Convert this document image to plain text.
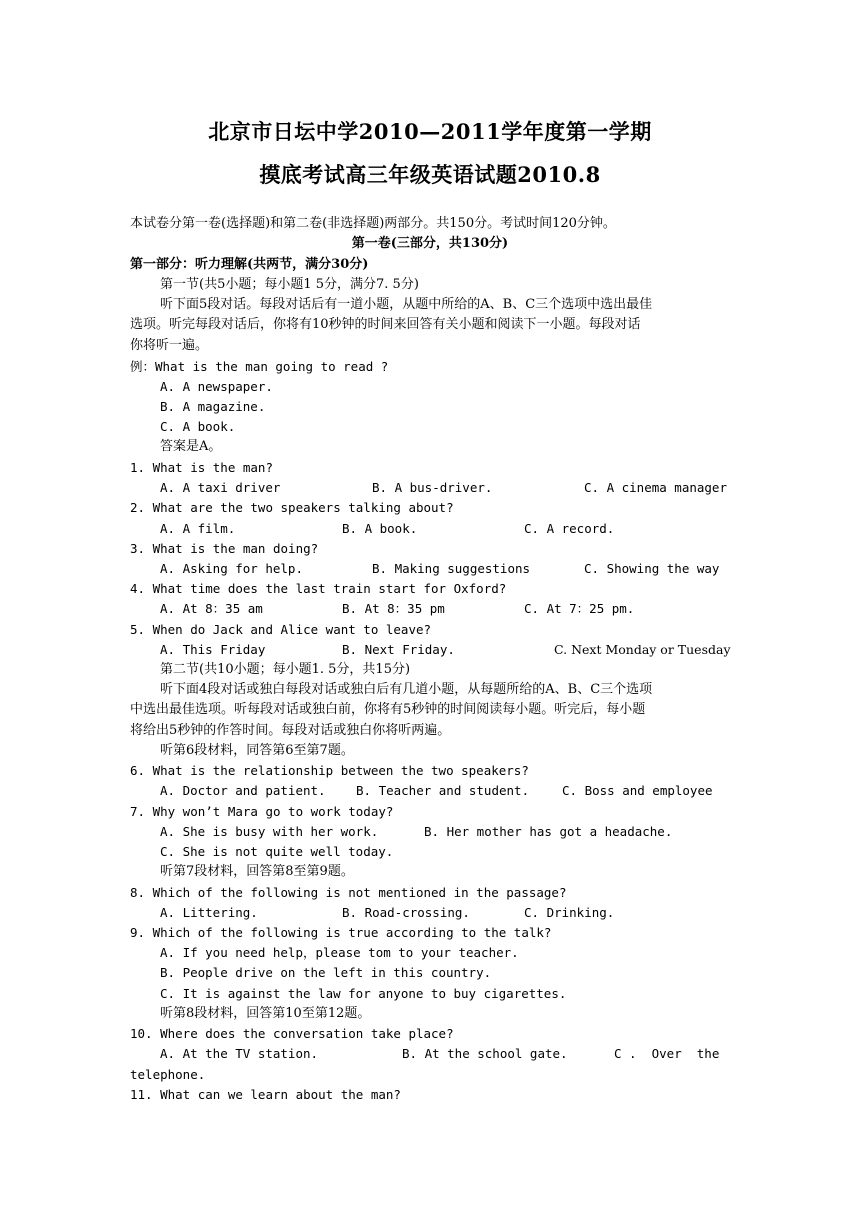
北京市日坛中学2010—2011学年度第一学期
摸底考试高三年级英语试题2010.8
本试卷分第一卷(选择题)和第二卷(非选择题)两部分。共150分。考试时间120分钟。
第一卷(三部分，共130分)
第一部分：听力理解(共两节，满分30分)
第一节(共5小题；每小题1 5分，满分7. 5分)
听下面5段对话。每段对话后有一道小题，从题中所给的A、B、C三个选项中选出最佳
选项。听完每段对话后，你将有10秒钟的时间来回答有关小题和阅读下一小题。每段对话
你将听一遍。
例：What is the man going to read ?
A. A newspaper.
B. A magazine.
C. A book.
答案是A。
1. What is the man?
A. A taxi driver	B. A bus-driver.	C. A cinema manager
2. What are the two speakers talking about?
A. A film.	B. A book.	C. A record.
3. What is the man doing?
A. Asking for help.	B. Making suggestions	C. Showing the way
4. What time does the last train start for Oxford?
A. At 8：35 am	B. At 8：35 pm	C. At 7：25 pm.
5. When do Jack and Alice want to leave?
A. This Friday	B. Next Friday.	C. Next Monday or Tuesday
第二节(共10小题；每小题1. 5分，共15分)
听下面4段对话或独白每段对话或独白后有几道小题，从每题所给的A、B、C三个选项
中选出最佳选项。听每段对话或独白前，你将有5秒钟的时间阅读每小题。听完后，每小题
将给出5秒钟的作答时间。每段对话或独白你将听两遍。
听第6段材料，同答第6至第7题。
6. What is the relationship between the two speakers?
A. Doctor and patient. B. Teacher and student.	C. Boss and employee
7. Why won’t Mara go to work today?
A. She is busy with her work.	B. Her mother has got a headache.
C. She is not quite well today.
听第7段材料，回答第8至第9题。
8. Which of the following is not mentioned in the passage?
A. Littering.	B. Road-crossing.	C. Drinking.
9. Which of the following is true according to the talk?
A. If you need help，please tom to your teacher.
B. People drive on the left in this country.
C. It is against the law for anyone to buy cigarettes.
听第8段材料，回答第10至第12题。
10. Where does the conversation take place?
A. At the TV station.	B. At the school gate.	C .  Over  the
telephone.
11. What can we learn about the man?
